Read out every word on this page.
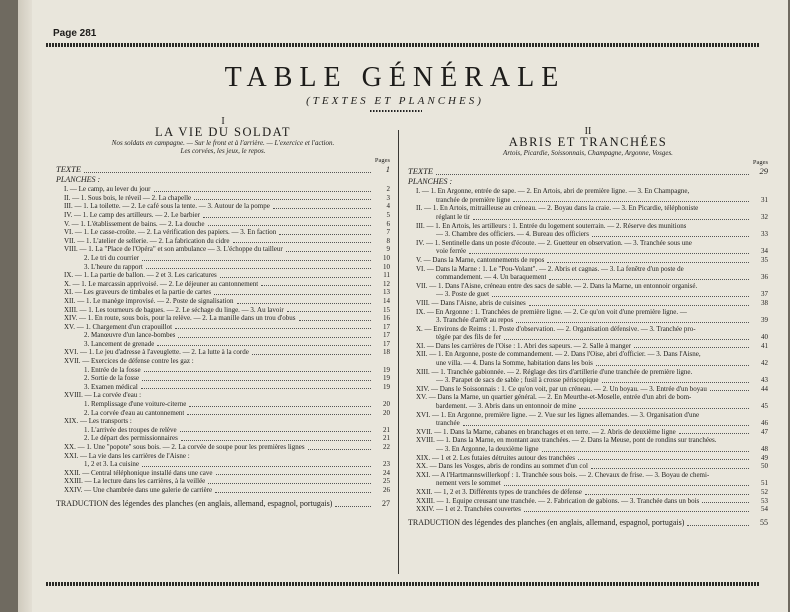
Page 281
TABLE GÉNÉRALE
(TEXTES ET PLANCHES)
I
LA VIE DU SOLDAT
Nos soldats en campagne. — Sur le front et à l'arrière. — L'exercice et l'action.
Les corvées, les jeux, le repos.
Pages
TEXTE	1
PLANCHES :
I. — Le camp, au lever du jour	2
II. — 1. Sous bois, le réveil — 2. La chapelle	3
III. — 1. La toilette. — 2. Le café sous la tente. — 3. Autour de la pompe	4
IV. — 1. Le camp des artilleurs. — 2. Le barbier	5
V. — 1. L'établissement de bains. — 2. La douche	6
VI. — 1. Le casse-croûte. — 2. La vérification des papiers. — 3. En faction	7
VII. — 1. L'atelier de sellerie. — 2. La fabrication du cidre	8
VIII. — 1. La "Place de l'Opéra" et son ambulance — 3. L'échoppe du tailleur	9
2. Le tri du courrier	10
3. L'heure du rapport	10
IX. — 1. La partie de ballon. — 2 et 3. Les caricatures	11
X. — 1. Le marcassin apprivoisé. — 2. Le déjeuner au cantonnement	12
XI. — Les graveurs de timbales et la partie de cartes	13
XII. — 1. Le manège improvisé. — 2. Poste de signalisation	14
XIII. — 1. Les tourneurs de bagues. — 2. Le séchage du linge. — 3. Au lavoir	15
XIV. — 1. En route, sous bois, pour la relève. — 2. La manille dans un trou d'obus	16
XV. — 1. Chargement d'un crapouillot	17
2. Manœuvre d'un lance-bombes	17
3. Lancement de grenade	17
XVI. — 1. Le jeu d'adresse à l'aveuglette. — 2. La lutte à la corde	18
XVII. — Exercices de défense contre les gaz :
1. Entrée de la fosse	19
2. Sortie de la fosse	19
3. Examen médical	19
XVIII. — La corvée d'eau :
1. Remplissage d'une voiture-citerne	20
2. La corvée d'eau au cantonnement	20
XIX. — Les transports :
1. L'arrivée des troupes de relève	21
2. Le départ des permissionnaires	21
XX. — 1. Une "popote" sous bois. — 2. La corvée de soupe pour les premières lignes	22
XXI. — La vie dans les carrières de l'Aisne :
1, 2 et 3. La cuisine	23
XXII. — Central téléphonique installé dans une cave	24
XXIII. — La lecture dans les carrières, à la veillée	25
XXIV. — Une chambrée dans une galerie de carrière	26
TRADUCTION des légendes des planches (en anglais, allemand, espagnol, portugais)	27
II
ABRIS ET TRANCHÉES
Artois, Picardie, Soissonnais, Champagne, Argonne, Vosges.
Pages
TEXTE	29
PLANCHES :
I. — 1. En Argonne, entrée de sape. — 2. En Artois, abri de première ligne. — 3. En Champagne,
tranchée de première ligne	31
II. — 1. En Artois, mitrailleuse au créneau. — 2. Boyau dans la craie. — 3. En Picardie, téléphoniste
réglant le tir	32
III. — 1. En Artois, les artilleurs : 1. Entrée du logement souterrain. — 2. Réserve des munitions
— 3. Chambre des officiers. — 4. Bureau des officiers	33
IV. — 1. Sentinelle dans un poste d'écoute. — 2. Guetteur en observation. — 3. Tranchée sous une
voie ferrée	34
V. — Dans la Marne, cantonnements de repos	35
VI. — Dans la Marne : 1. Le "Pou-Volant". — 2. Abris et cagnas. — 3. La fenêtre d'un poste de
commandement. — 4. Un baraquement	36
VII. — 1. Dans l'Aisne, créneau entre des sacs de sable. — 2. Dans la Marne, un entonnoir organisé.
— 3. Poste de guet	37
VIII. — Dans l'Aisne, abris de cuisines	38
IX. — En Argonne : 1. Tranchées de première ligne. — 2. Ce qu'on voit d'une première ligne. —
3. Tranchée d'arrêt au repos	39
X. — Environs de Reims : 1. Poste d'observation. — 2. Organisation défensive. — 3. Tranchée pro-
tégée par des fils de fer	40
XI. — Dans les carrières de l'Oise : 1. Abri des sapeurs. — 2. Salle à manger	41
XII. — 1. En Argonne, poste de commandement. — 2. Dans l'Oise, abri d'officier. — 3. Dans l'Aisne,
une villa. — 4. Dans la Somme, habitation dans les bois	42
XIII. — 1. Tranchée gabionnée. — 2. Réglage des tirs d'artillerie d'une tranchée de première ligne.
— 3. Parapet de sacs de sable ; fusil à crosse périscopique	43
XIV. — Dans le Soissonnais : 1. Ce qu'on voit, par un créneau. — 2. Un boyau. — 3. Entrée d'un boyau	44
XV. — Dans la Marne, un quartier général. — 2. En Meurthe-et-Moselle, entrée d'un abri de bom-
bardement. — 3. Abris dans un entonnoir de mine	45
XVI. — 1. En Argonne, première ligne. — 2. Vue sur les lignes allemandes. — 3. Organisation d'une
tranchée	46
XVII. — 1. Dans la Marne, cabanes en branchages et en terre. — 2. Abris de deuxième ligne	47
XVIII. — 1. Dans la Marne, en montant aux tranchées. — 2. Dans la Meuse, pont de rondins sur tranchées.
— 3. En Argonne, la deuxième ligne	48
XIX. — 1 et 2. Les futaies détruites autour des tranchées	49
XX. — Dans les Vosges, abris de rondins au sommet d'un col	50
XXI. — A l'Hartmannswillerkopf : 1. Tranchée sous bois. — 2. Chevaux de frise. — 3. Boyau de chemi-
nement vers le sommet	51
XXII. — 1, 2 et 3. Différents types de tranchées de défense	52
XXIII. — 1. Equipe creusant une tranchée. — 2. Fabrication de gabions. — 3. Tranchée dans un bois	53
XXIV. — 1 et 2. Tranchées couvertes	54
TRADUCTION des légendes des planches (en anglais, allemand, espagnol, portugais)	55
